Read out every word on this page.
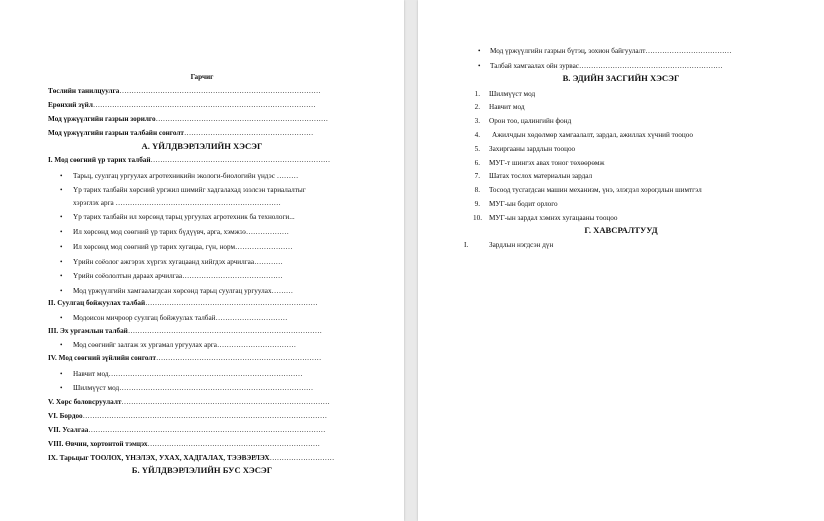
Гарчиг
Төслийн танилцуулга…………………………………………………………………………
Ерөнхий зүйл…………………………………………………………………………………
Мод үржүүлгийн газрын зорилго………………………………………………………………
Мод үржүүлгийн газрын талбайн сонголт………………………………………………
А. ҮЙЛДВЭРЛЭЛИЙН ХЭСЭГ
I. Мод сөөгний үр тарих талбай…………………………………………………………………
• Тарьц, суулгац ургуулах агротехникийн экологи-биологийн үндэс ………
• Үр тарих талбайн хөрсний ургжил шимийг хадгалахад эзэлсэн тариалалтыг
хэрэглэх арга ……………………………………………………………
• Үр тарих талбайн ил хөрсөнд тарьц ургуулах агротехник ба технологи...
• Ил хөрсөнд мод сөөгний үр тарих бүдүүвч, арга, хэмжээ………………
• Ил хөрсөнд мод сөөгний үр тарих хугацаа, гүн, норм……………………
• Үрийн соёолог ажгэрэх хүргэх хугацаанд хийгдэх арчилгаа…………
• Үрийн соёололтын дараах арчилгаа……………………………………
• Мод үржүүлгийн хамгаалагдсан хөрсөнд тарьц суулгац ургуулах………
II. Суулгац бойжуулах талбай………………………………………………………………
• Модоисон мичроор суулгац бойжуулах талбай…………………………
III. Эх ургамлын талбай………………………………………………………………………
• Мод сөөгнийг залгаж эх ургамал ургуулах арга……………………………
IV. Мод сөөгний зүйлийн сонголт……………………………………………………………
• Навчит мод………………………………………………………………………
• Шилмүүст мод………………………………………………………………………
V. Хөрс боловсруулалт……………………………………………………………………………
VI. Бордоо…………………………………………………………………………………………
VII. Усалгаа………………………………………………………………………………………
VIII. Өвчин, хортонтой тэмцэх………………………………………………………………
IX. Тарьцыг ТООЛОХ, ҮНЭЛЭХ, УХАХ, ХАДГАЛАХ, ТЭЭВЭРЛЭХ………………………
Б. ҮЙЛДВЭРЛЭЛИЙН БУС ХЭСЭГ
• Мод үржүүлгийн газрын бүтэц, зохион байгуулалт………………………………
• Талбай хамгаалах ойн зурвас……………………………………………………
В. ЭДИЙН ЗАСГИЙН ХЭСЭГ
1. Шилмүүст мод
2. Навчит мод
3. Орон тоо, цалингийн фонд
4. Ажилчдын хөдөлмөр хамгаалалт, зардал, ажиллах хүчний тооцоо
5. Захиргааны зардлын тооцоо
6. МУГ-т шингэх авах тоног төхөөрөмж
7. Шатах тослох материалын зардал
8. Тосоод тусгагдсан машин механизм, үнэ, элэгдэл хорогдлын шимтгэл
9. МУГ-ын бодит орлого
10. МУГ-ын зардал хэмнэх хугацааны тооцоо
Г. ХАВСРАЛТУУД
I.	Зардлын нэгдсэн дүн
